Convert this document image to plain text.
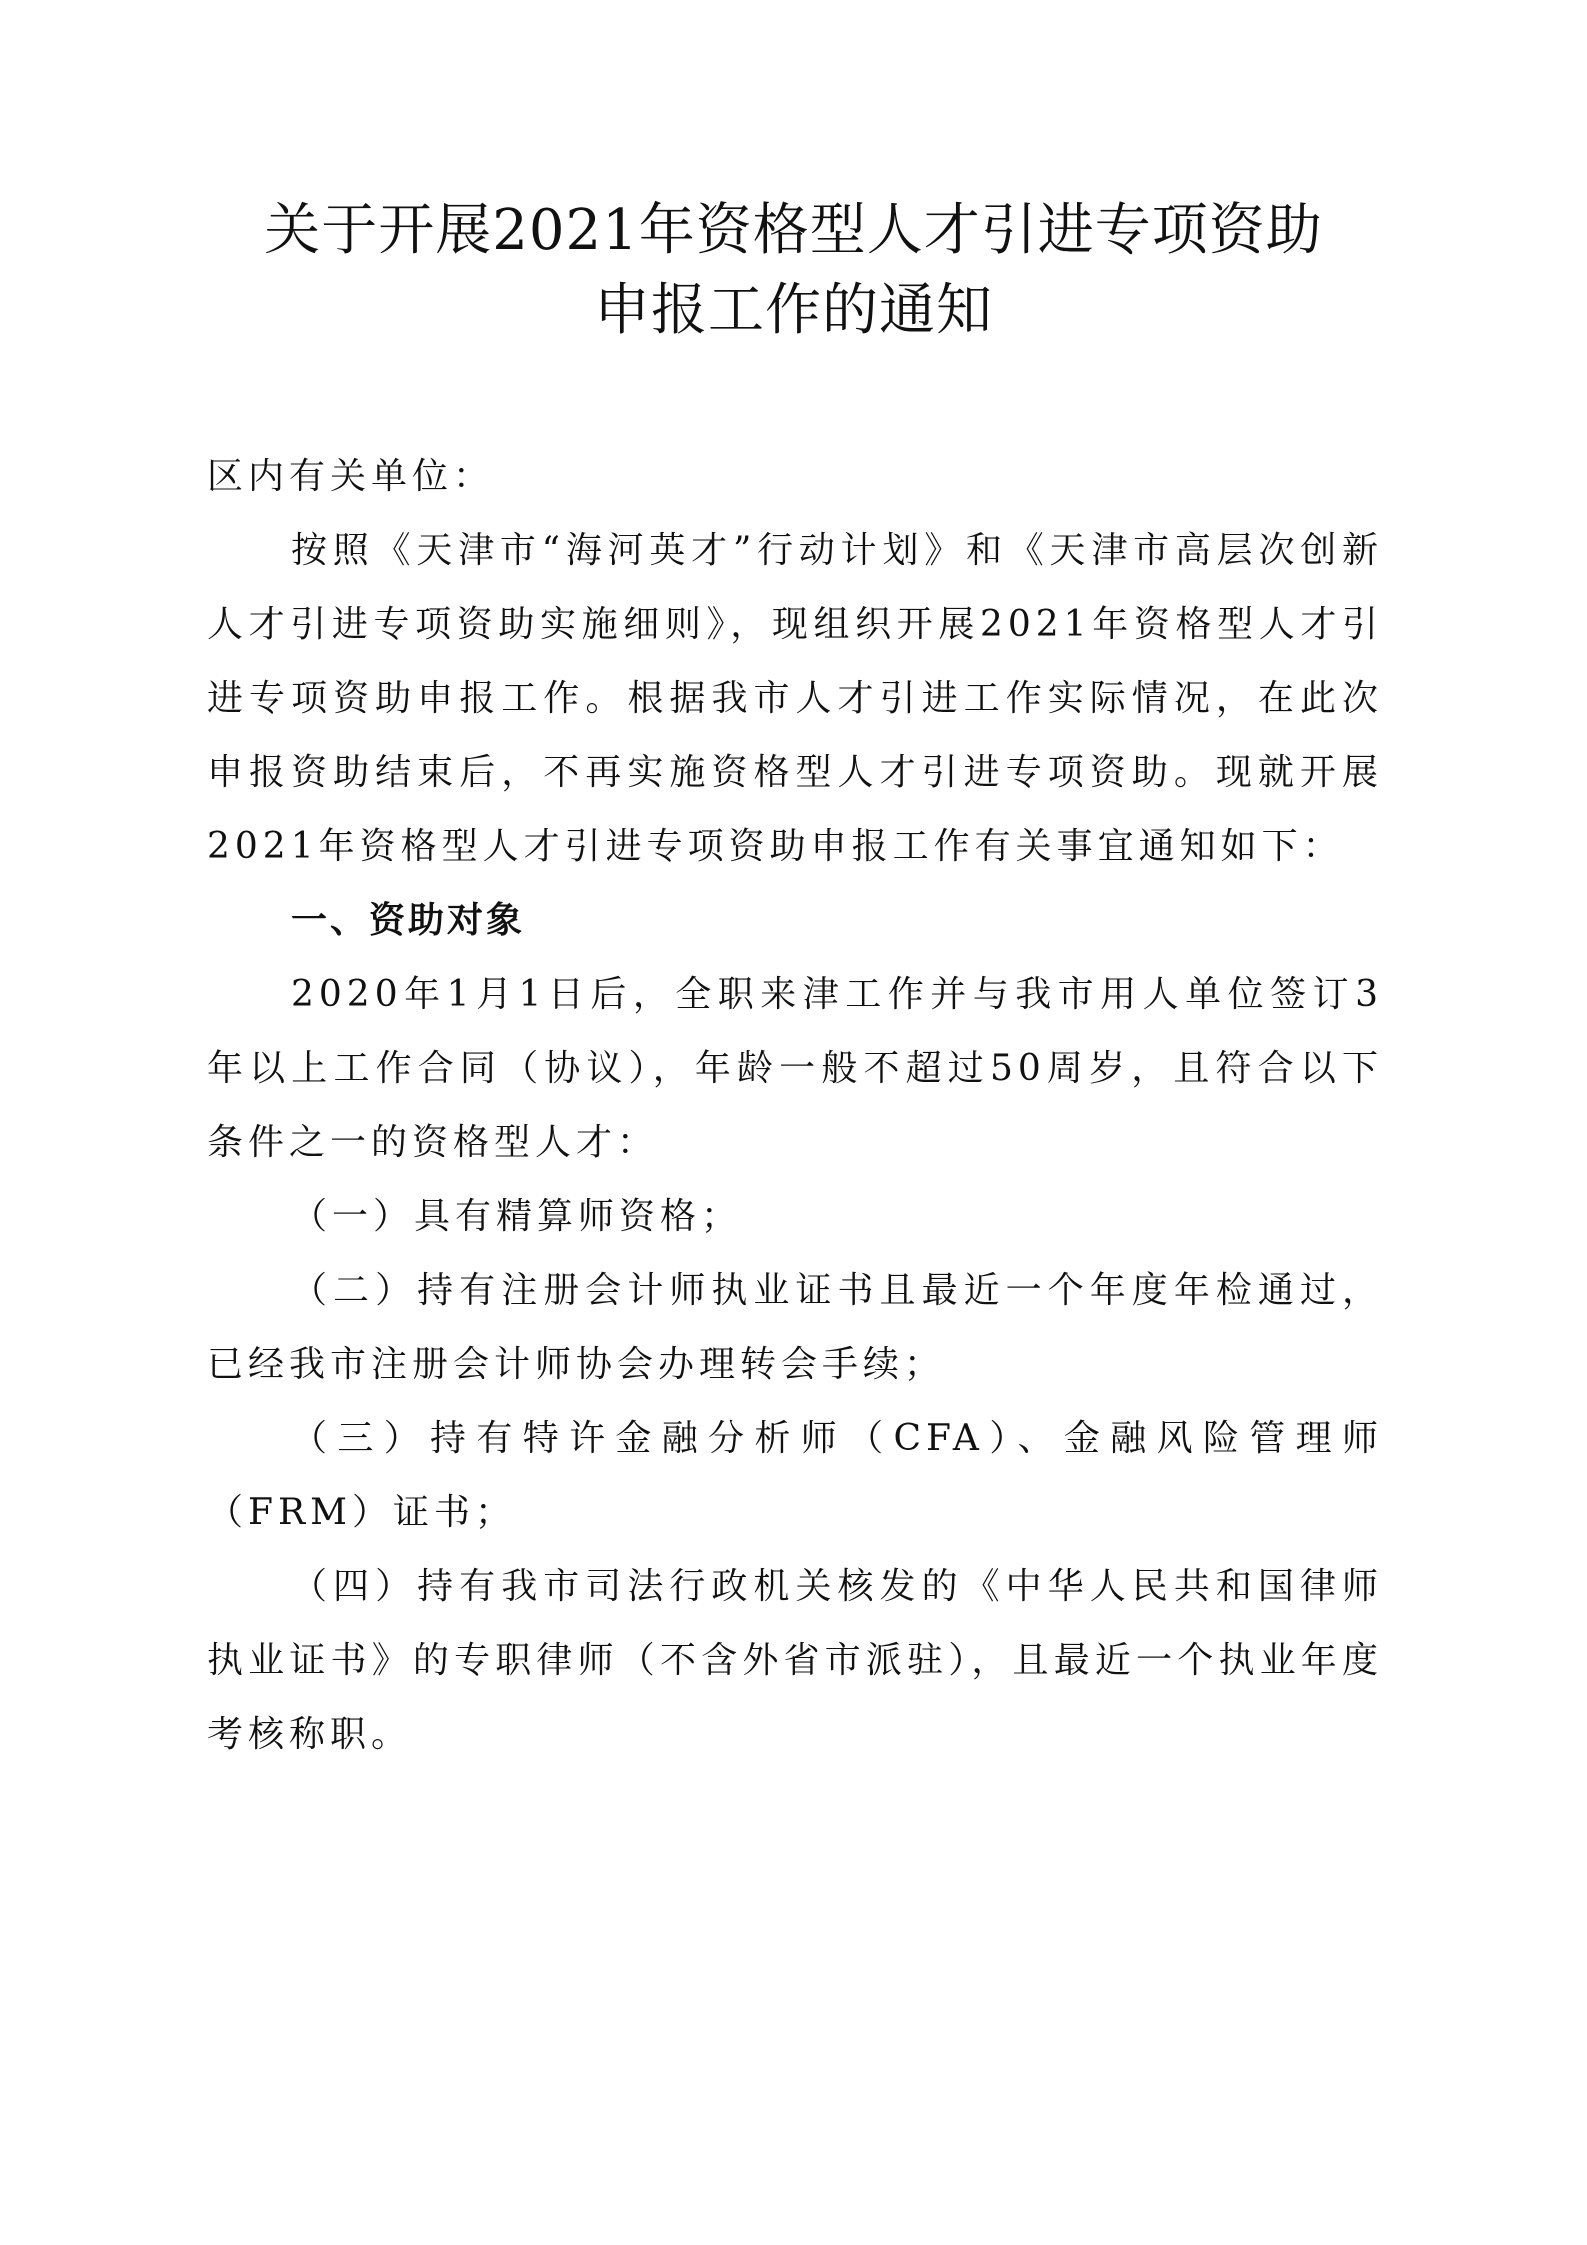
关于开展2021年资格型人才引进专项资助
申报工作的通知

区内有关单位：

按照《天津市“海河英才”行动计划》和《天津市高层次创新人才引进专项资助实施细则》，现组织开展2021年资格型人才引进专项资助申报工作。根据我市人才引进工作实际情况，在此次申报资助结束后，不再实施资格型人才引进专项资助。现就开展2021年资格型人才引进专项资助申报工作有关事宜通知如下：

一、资助对象

2020年1月1日后，全职来津工作并与我市用人单位签订3年以上工作合同（协议），年龄一般不超过50周岁，且符合以下条件之一的资格型人才：

（一）具有精算师资格；

（二）持有注册会计师执业证书且最近一个年度年检通过，已经我市注册会计师协会办理转会手续；

（三）持有特许金融分析师（CFA）、金融风险管理师（FRM）证书；

（四）持有我市司法行政机关核发的《中华人民共和国律师执业证书》的专职律师（不含外省市派驻），且最近一个执业年度考核称职。
